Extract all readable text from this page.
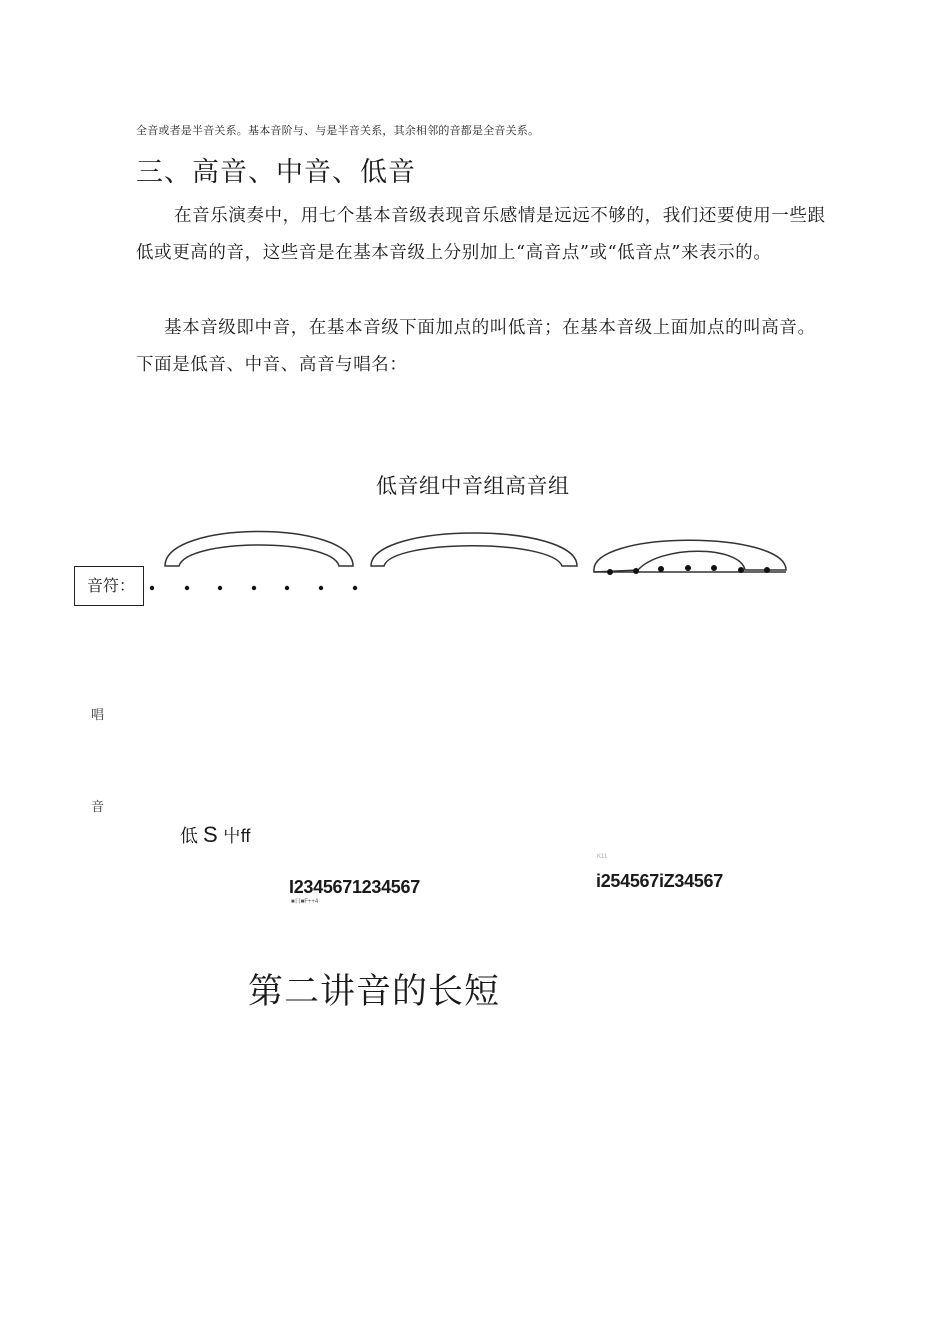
全音或者是半音关系。基本音阶与、与是半音关系，其余相邻的音都是全音关系。
三、高音、中音、低音
在音乐演奏中，用七个基本音级表现音乐感情是远远不够的，我们还要使用一些跟低或更高的音，这些音是在基本音级上分别加上“高音点”或“低音点”来表示的。
基本音级即中音，在基本音级下面加点的叫低音；在基本音级上面加点的叫高音。下面是低音、中音、高音与唱名：
低音组中音组高音组
音符：
唱
音
低 S 屮ff
I2345671234567
■日■F++4
K11
i254567iZ34567
第二讲音的长短
